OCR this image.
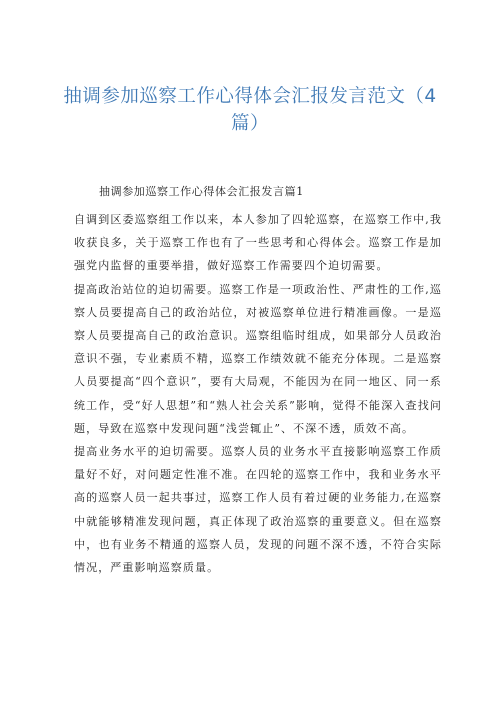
抽调参加巡察工作心得体会汇报发言范文（4篇）
抽调参加巡察工作心得体会汇报发言篇1

自调到区委巡察组工作以来，本人参加了四轮巡察，在巡察工作中,我收获良多，关于巡察工作也有了一些思考和心得体会。巡察工作是加强党内监督的重要举措，做好巡察工作需要四个迫切需要。

提高政治站位的迫切需要。巡察工作是一项政治性、严肃性的工作,巡察人员要提高自己的政治站位，对被巡察单位进行精准画像。一是巡察人员要提高自己的政治意识。巡察组临时组成，如果部分人员政治意识不强，专业素质不精，巡察工作绩效就不能充分体现。二是巡察人员要提高“四个意识”，要有大局观，不能因为在同一地区、同一系统工作，受“好人思想”和“熟人社会关系”影响，觉得不能深入查找问题，导致在巡察中发现问题“浅尝辄止”、不深不透，质效不高。

提高业务水平的迫切需要。巡察人员的业务水平直接影响巡察工作质量好不好，对问题定性准不准。在四轮的巡察工作中，我和业务水平高的巡察人员一起共事过，巡察工作人员有着过硬的业务能力,在巡察中就能够精准发现问题，真正体现了政治巡察的重要意义。但在巡察中，也有业务不精通的巡察人员，发现的问题不深不透，不符合实际情况，严重影响巡察质量。
